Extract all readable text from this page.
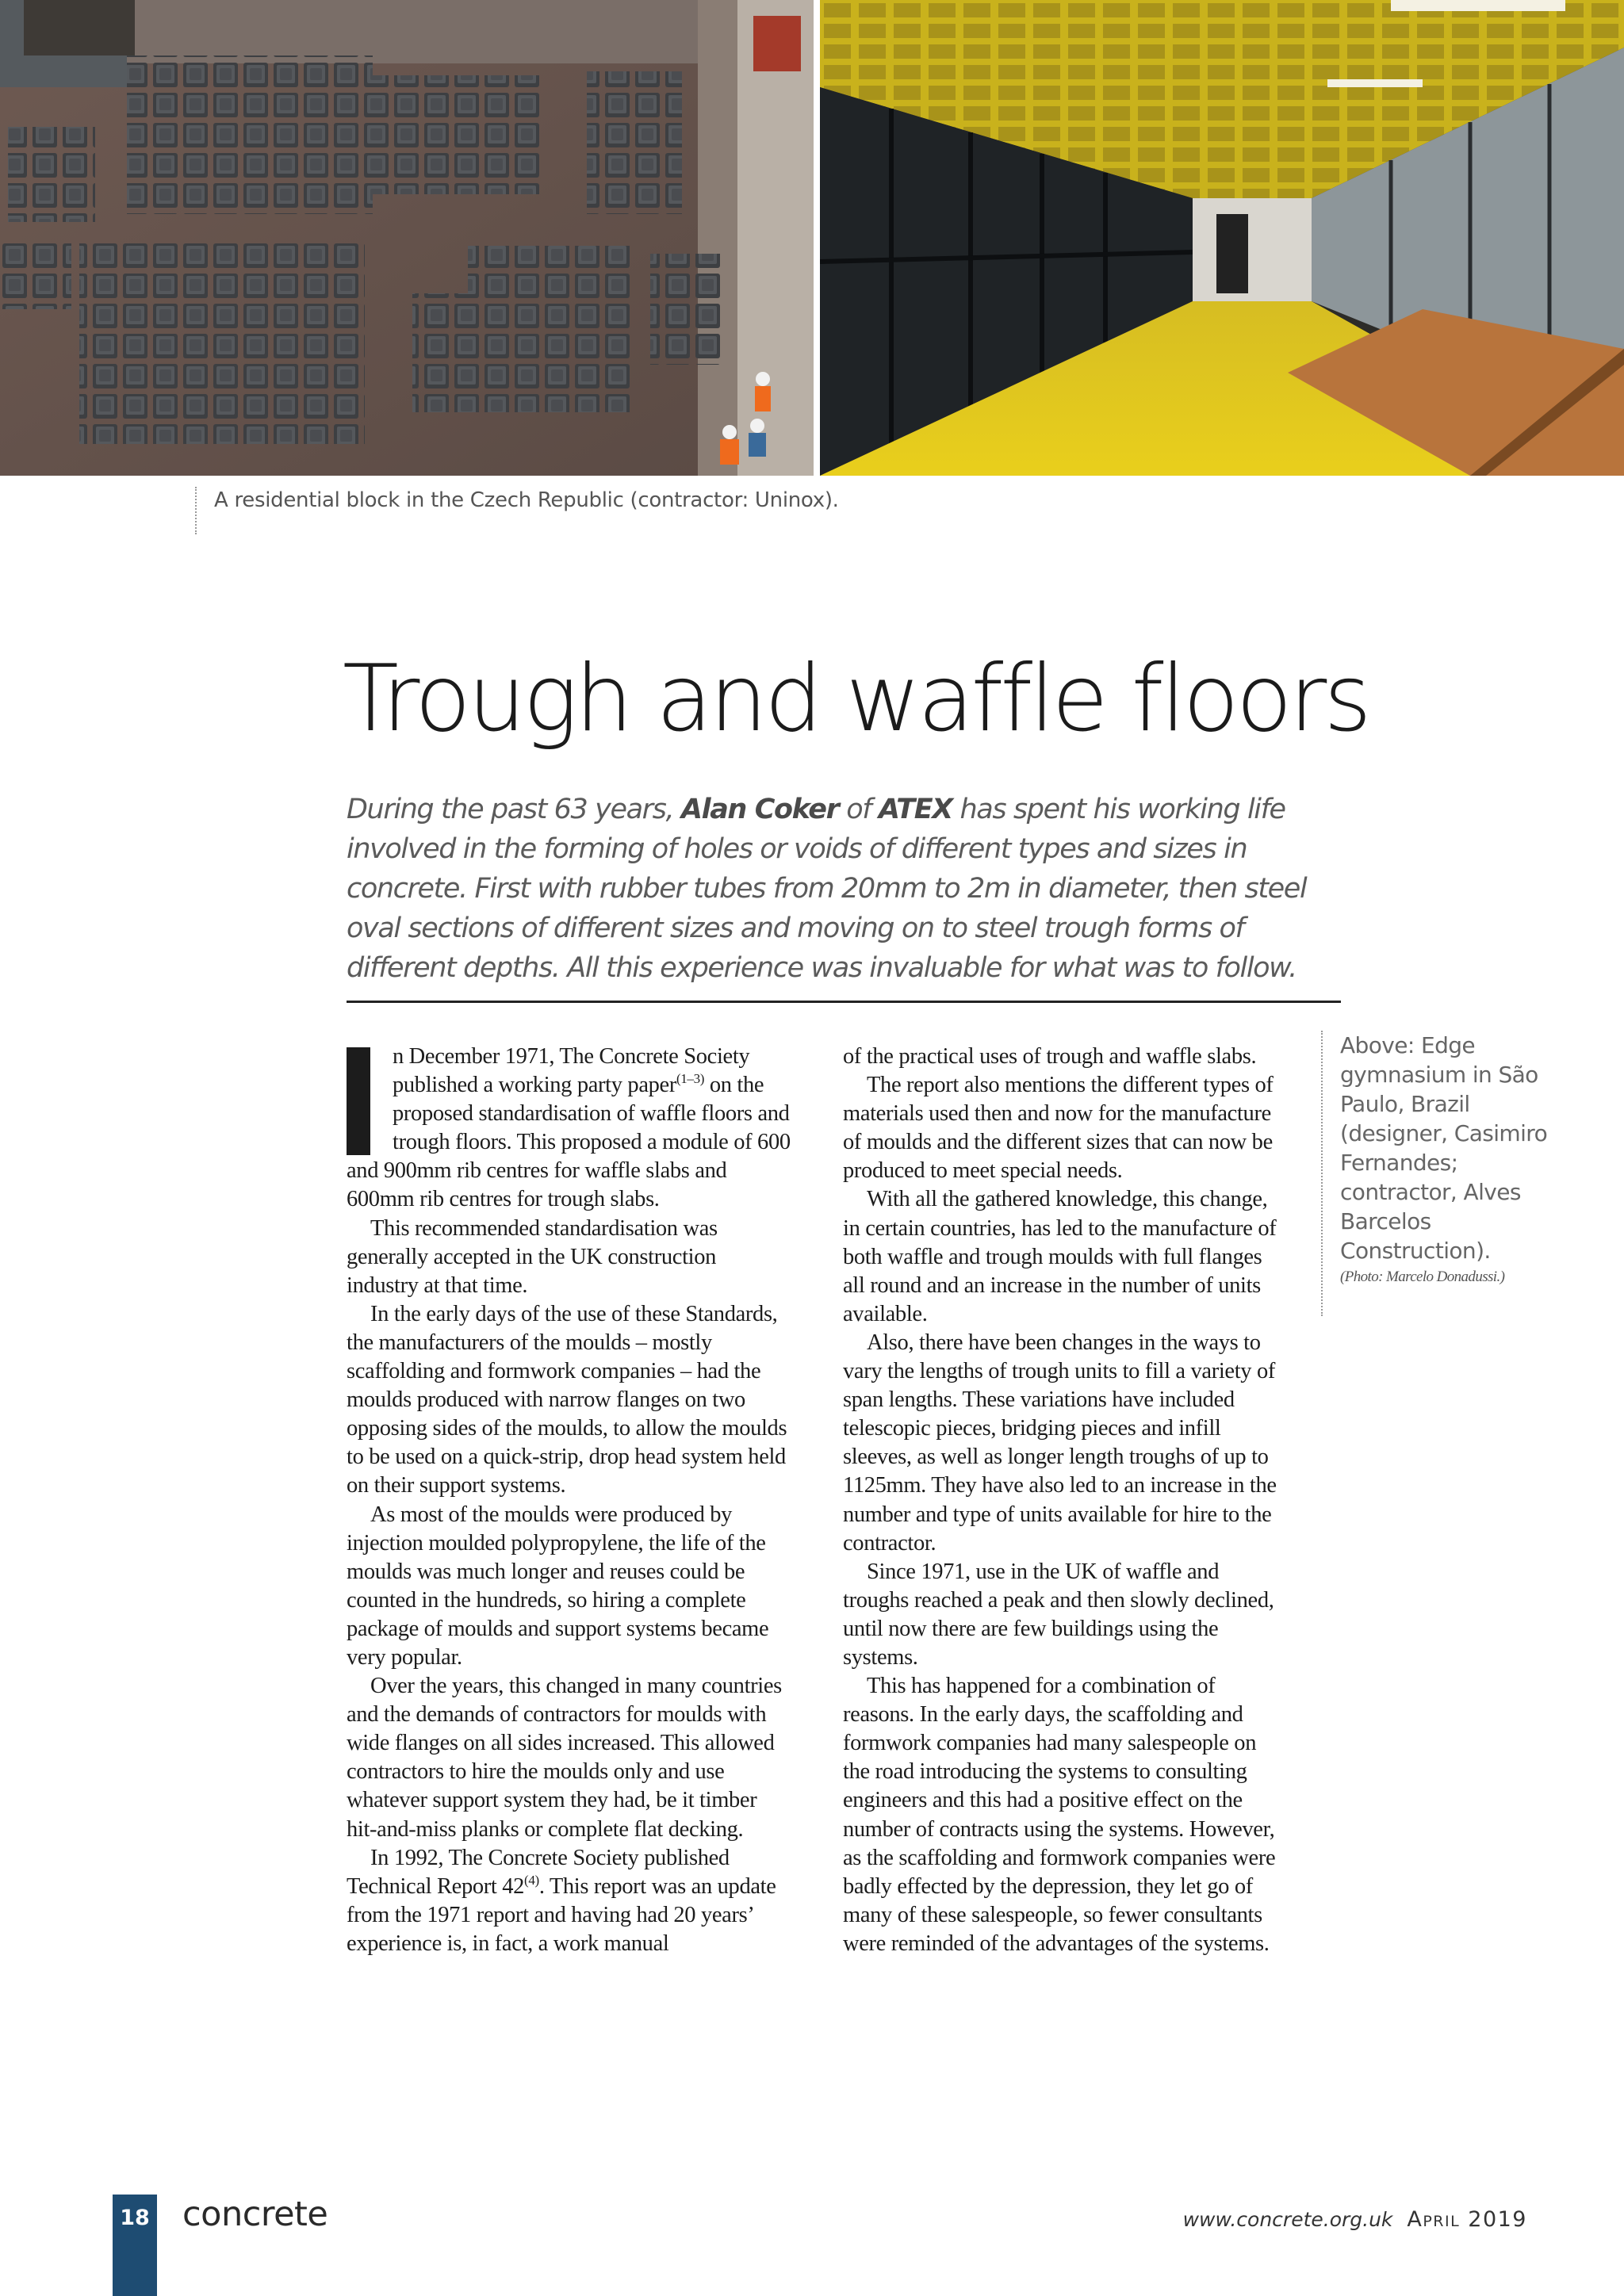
A residential block in the Czech Republic (contractor: Uninox).
Trough and waffle floors

During the past 63 years, Alan Coker of ATEX has spent his working life involved in the forming of holes or voids of different types and sizes in concrete. First with rubber tubes from 20mm to 2m in diameter, then steel oval sections of different sizes and moving on to steel trough forms of different depths. All this experience was invaluable for what was to follow.

n December 1971, The Concrete Society published a working party paper$^{(1-3)}$ on the proposed standardisation of waffle floors and trough floors. This proposed a module of 600 and 900mm rib centres for waffle slabs and 600mm rib centres for trough slabs.

This recommended standardisation was generally accepted in the UK construction industry at that time.

In the early days of the use of these Standards, the manufacturers of the moulds – mostly scaffolding and formwork companies – had the moulds produced with narrow flanges on two opposing sides of the moulds, to allow the moulds to be used on a quick-strip, drop head system held on their support systems.

As most of the moulds were produced by injection moulded polypropylene, the life of the moulds was much longer and reuses could be counted in the hundreds, so hiring a complete package of moulds and support systems became very popular.

Over the years, this changed in many countries and the demands of contractors for moulds with wide flanges on all sides increased. This allowed contractors to hire the moulds only and use whatever support system they had, be it timber hit-and-miss planks or complete flat decking.

In 1992, The Concrete Society published Technical Report 42$^{(4)}$. This report was an update from the 1971 report and having had 20 years’ experience is, in fact, a work manual

of the practical uses of trough and waffle slabs.

The report also mentions the different types of materials used then and now for the manufacture of moulds and the different sizes that can now be produced to meet special needs.

With all the gathered knowledge, this change, in certain countries, has led to the manufacture of both waffle and trough moulds with full flanges all round and an increase in the number of units available.

Also, there have been changes in the ways to vary the lengths of trough units to fill a variety of span lengths. These variations have included telescopic pieces, bridging pieces and infill sleeves, as well as longer length troughs of up to 1125mm. They have also led to an increase in the number and type of units available for hire to the contractor.

Since 1971, use in the UK of waffle and troughs reached a peak and then slowly declined, until now there are few buildings using the systems.

This has happened for a combination of reasons. In the early days, the scaffolding and formwork companies had many salespeople on the road introducing the systems to consulting engineers and this had a positive effect on the number of contracts using the systems. However, as the scaffolding and formwork companies were badly effected by the depression, they let go of many of these salespeople, so fewer consultants were reminded of the advantages of the systems.

Above: Edge gymnasium in São Paulo, Brazil (designer, Casimiro Fernandes; contractor, Alves Barcelos Construction).
(Photo: Marcelo Donadussi.)
18 concrete	www.concrete.org.uk April 2019
